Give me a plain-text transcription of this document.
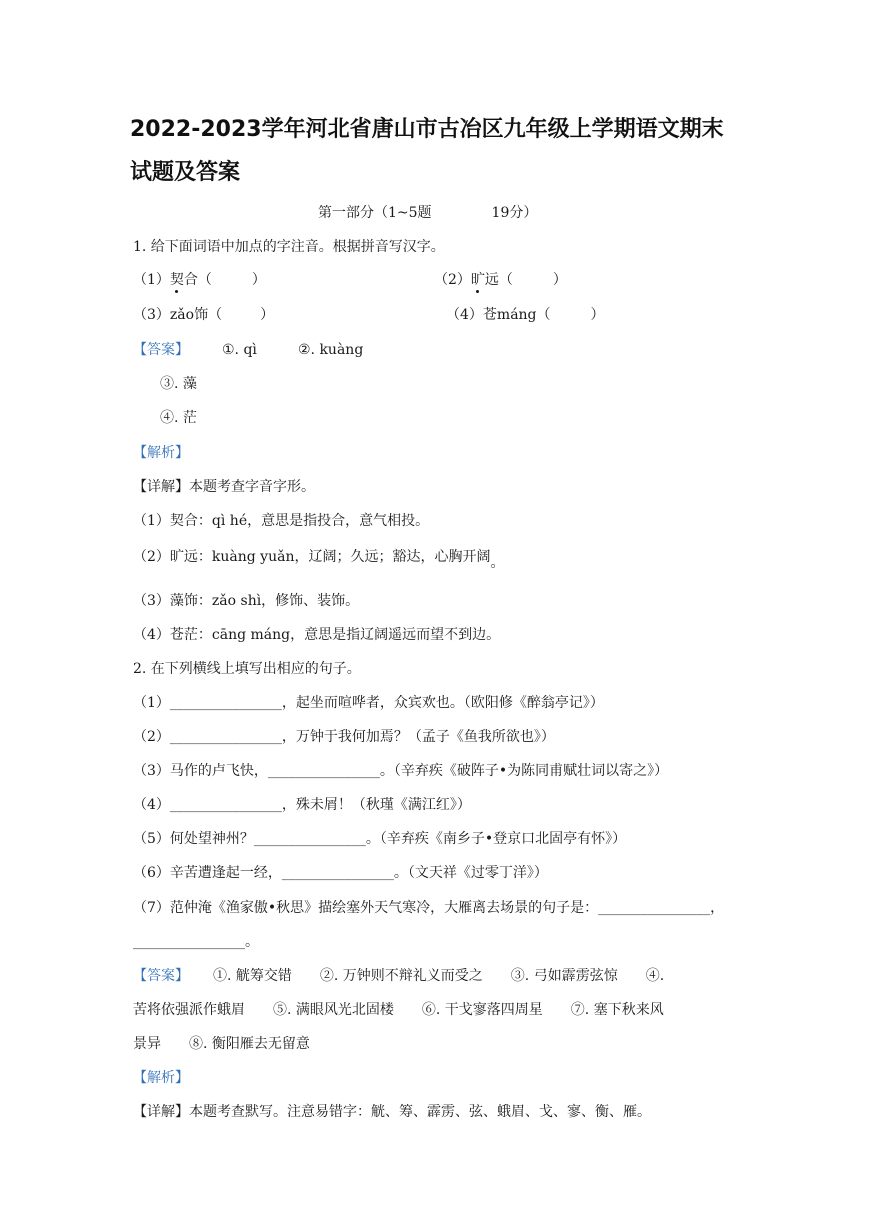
2022-2023学年河北省唐山市古冶区九年级上学期语文期末
试题及答案
第一部分（1~5题	19分）
1. 给下面词语中加点的字注音。根据拼音写汉字。
（1）契合（	）	（2）旷远（	）
（3）zǎo饰（	）	（4）苍máng（	）
【答案】 ①. qì	②. kuàng
③. 藻
④. 茫
【解析】
【详解】本题考查字音字形。
（1）契合：qì hé，意思是指投合，意气相投。
（2）旷远：kuàng yuǎn，辽阔；久远；豁达，心胸开阔。
（3）藻饰：zǎo shì，修饰、装饰。
（4）苍茫：cāng máng，意思是指辽阔遥远而望不到边。
2. 在下列横线上填写出相应的句子。
（1）________________，起坐而喧哗者，众宾欢也。（欧阳修《醉翁亭记》）
（2）________________，万钟于我何加焉？（孟子《鱼我所欲也》）
（3）马作的卢飞快，________________。（辛弃疾《破阵子•为陈同甫赋壮词以寄之》）
（4）________________，殊未屑！（秋瑾《满江红》）
（5）何处望神州？________________。（辛弃疾《南乡子•登京口北固亭有怀》）
（6）辛苦遭逢起一经，________________。（文天祥《过零丁洋》）
（7）范仲淹《渔家傲•秋思》描绘塞外天气寒冷，大雁离去场景的句子是：________________，
________________。
【答案】 ①. 觥筹交错　　②. 万钟则不辩礼义而受之　　③. 弓如霹雳弦惊　　④.
苦将依强派作蛾眉　　⑤. 满眼风光北固楼　　⑥. 干戈寥落四周星　　⑦. 塞下秋来风
景异　　⑧. 衡阳雁去无留意
【解析】
【详解】本题考查默写。注意易错字：觥、筹、霹雳、弦、蛾眉、戈、寥、衡、雁。
